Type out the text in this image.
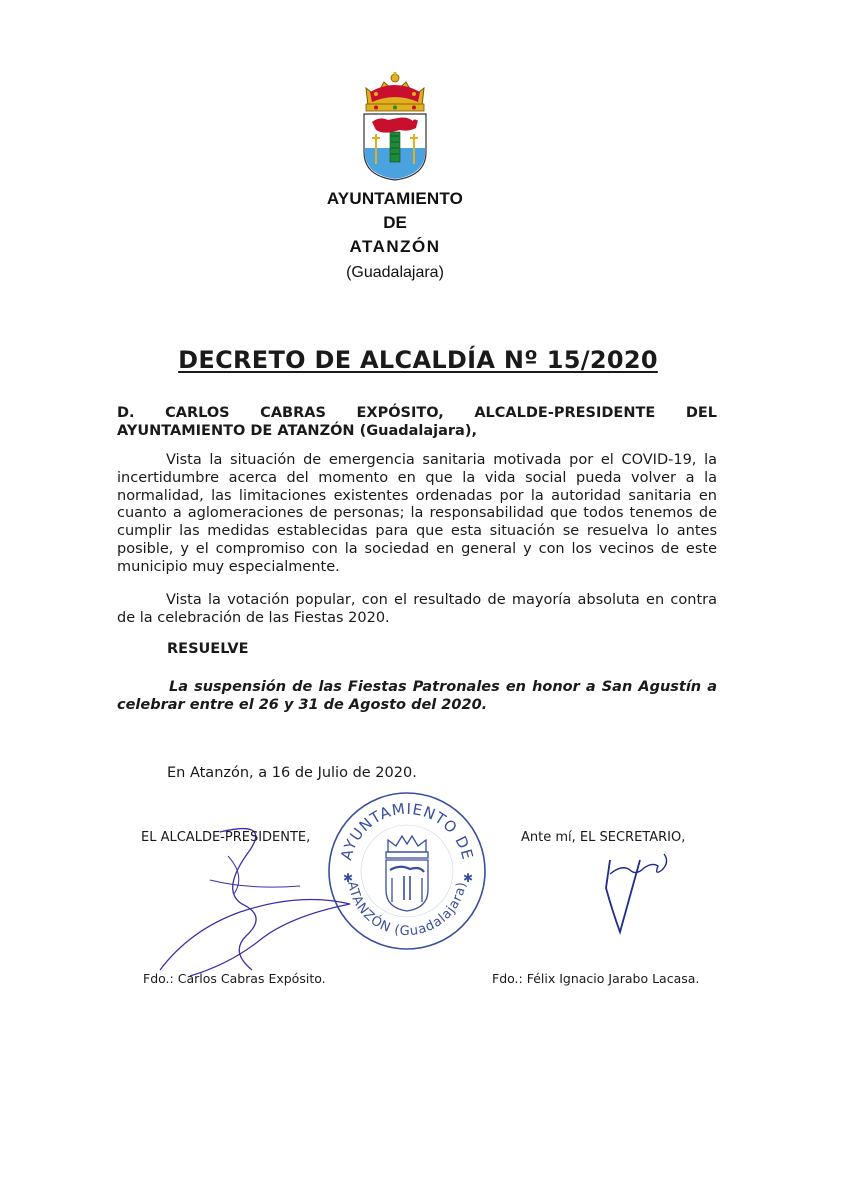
AYUNTAMIENTO
DE
ATANZÓN
(Guadalajara)
DECRETO DE ALCALDÍA Nº 15/2020
D. CARLOS CABRAS EXPÓSITO, ALCALDE-PRESIDENTE DEL AYUNTAMIENTO DE ATANZÓN (Guadalajara),
Vista la situación de emergencia sanitaria motivada por el COVID-19, la incertidumbre acerca del momento en que la vida social pueda volver a la normalidad, las limitaciones existentes ordenadas por la autoridad sanitaria en cuanto a aglomeraciones de personas; la responsabilidad que todos tenemos de cumplir las medidas establecidas para que esta situación se resuelva lo antes posible, y el compromiso con la sociedad en general y con los vecinos de este municipio muy especialmente.
Vista la votación popular, con el resultado de mayoría absoluta en contra de la celebración de las Fiestas 2020.
RESUELVE
La suspensión de las Fiestas Patronales en honor a San Agustín a celebrar entre el 26 y 31 de Agosto del 2020.
En Atanzón, a 16 de Julio de 2020.
AYUNTAMIENTO DE
ATANZÓN (Guadalajara)
✱	✱
EL ALCALDE-PRESIDENTE,	Ante mí, EL SECRETARIO,
Fdo.: Carlos Cabras Expósito.	Fdo.: Félix Ignacio Jarabo Lacasa.
